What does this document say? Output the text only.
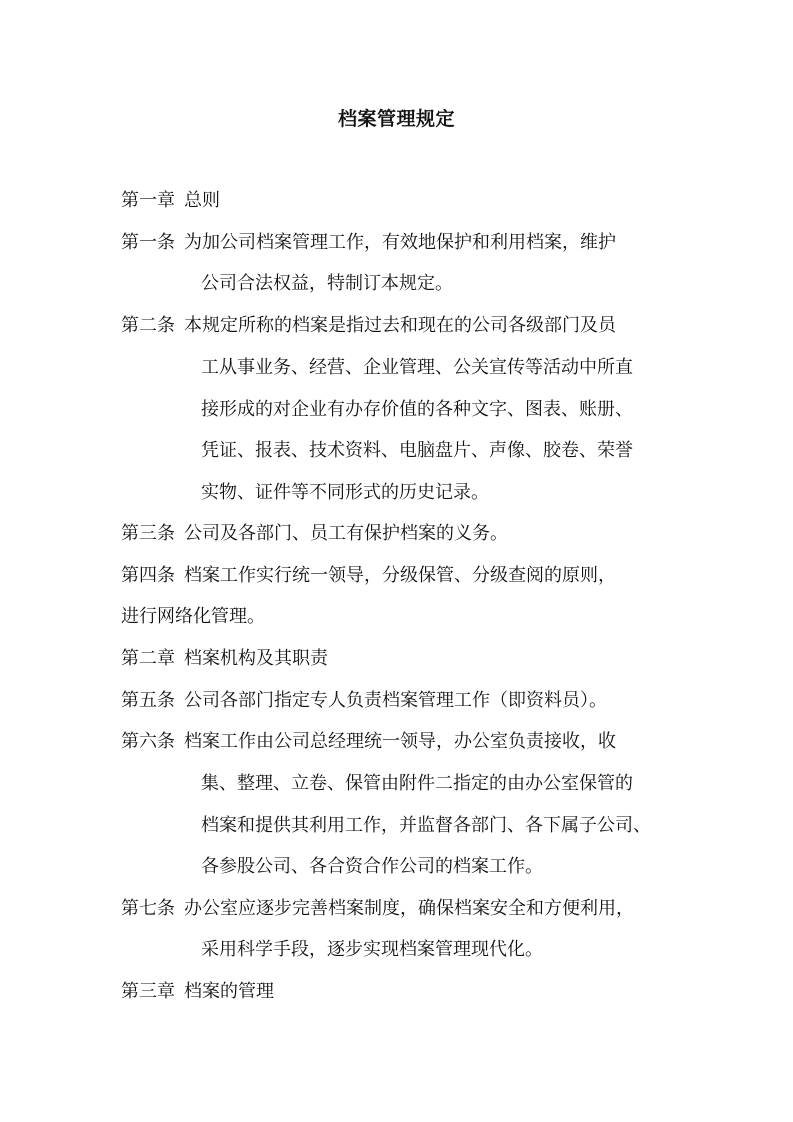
档案管理规定
第一章 总则
第一条 为加公司档案管理工作，有效地保护和利用档案，维护
公司合法权益，特制订本规定。
第二条 本规定所称的档案是指过去和现在的公司各级部门及员
工从事业务、经营、企业管理、公关宣传等活动中所直
接形成的对企业有办存价值的各种文字、图表、账册、
凭证、报表、技术资料、电脑盘片、声像、胶卷、荣誉
实物、证件等不同形式的历史记录。
第三条 公司及各部门、员工有保护档案的义务。
第四条 档案工作实行统一领导，分级保管、分级查阅的原则，
进行网络化管理。
第二章 档案机构及其职责
第五条 公司各部门指定专人负责档案管理工作（即资料员）。
第六条 档案工作由公司总经理统一领导，办公室负责接收，收
集、整理、立卷、保管由附件二指定的由办公室保管的
档案和提供其利用工作，并监督各部门、各下属子公司、
各参股公司、各合资合作公司的档案工作。
第七条 办公室应逐步完善档案制度，确保档案安全和方便利用，
采用科学手段，逐步实现档案管理现代化。
第三章 档案的管理
